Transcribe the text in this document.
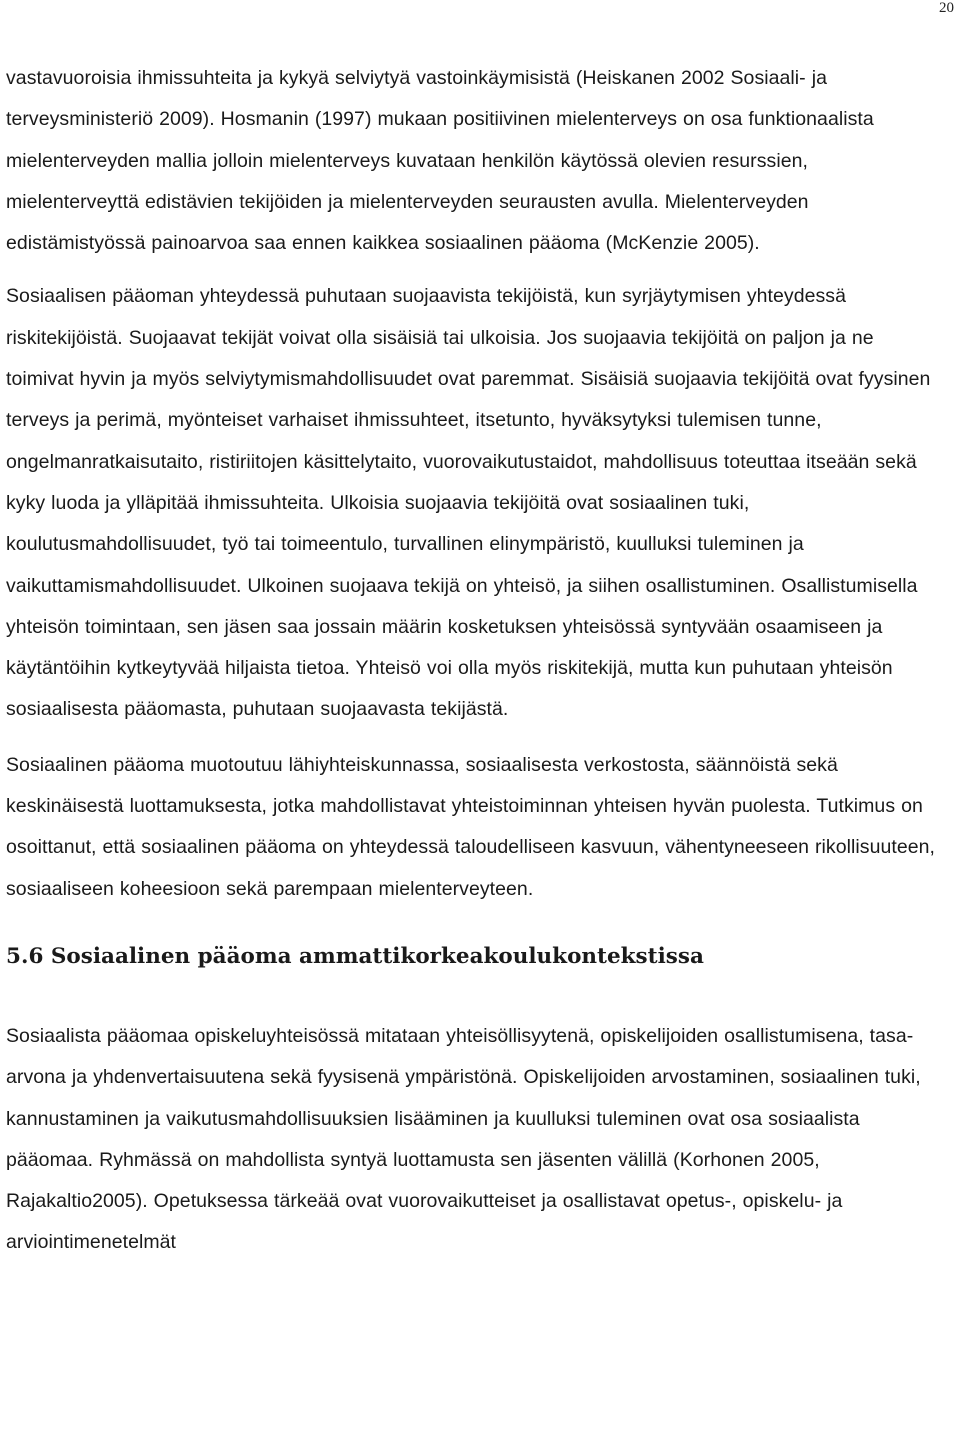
20

vastavuoroisia ihmissuhteita ja kykyä selviytyä vastoinkäymisistä (Heiskanen 2002 Sosiaali- ja terveysministeriö 2009). Hosmanin (1997) mukaan positiivinen mielenterveys on osa funktionaalista mielenterveyden mallia jolloin mielenterveys kuvataan henkilön käytössä olevien resurssien, mielenterveyttä edistävien tekijöiden ja mielenterveyden seurausten avulla. Mielenterveyden edistämistyössä painoarvoa saa ennen kaikkea sosiaalinen pääoma (McKenzie 2005).

Sosiaalisen pääoman yhteydessä puhutaan suojaavista tekijöistä, kun syrjäytymisen yhteydessä riskitekijöistä. Suojaavat tekijät voivat olla sisäisiä tai ulkoisia. Jos suojaavia tekijöitä on paljon ja ne toimivat hyvin ja myös selviytymismahdollisuudet ovat paremmat. Sisäisiä suojaavia tekijöitä ovat fyysinen terveys ja perimä, myönteiset varhaiset ihmissuhteet, itsetunto, hyväksytyksi tulemisen tunne, ongelmanratkaisutaito, ristiriitojen käsittelytaito, vuorovaikutustaidot, mahdollisuus toteuttaa itseään sekä kyky luoda ja ylläpitää ihmissuhteita. Ulkoisia suojaavia tekijöitä ovat sosiaalinen tuki, koulutusmahdollisuudet, työ tai toimeentulo, turvallinen elinympäristö, kuulluksi tuleminen ja vaikuttamismahdollisuudet. Ulkoinen suojaava tekijä on yhteisö, ja siihen osallistuminen. Osallistumisella yhteisön toimintaan, sen jäsen saa jossain määrin kosketuksen yhteisössä syntyvään osaamiseen ja käytäntöihin kytkeytyvää hiljaista tietoa. Yhteisö voi olla myös riskitekijä, mutta kun puhutaan yhteisön sosiaalisesta pääomasta, puhutaan suojaavasta tekijästä.

Sosiaalinen pääoma muotoutuu lähiyhteiskunnassa, sosiaalisesta verkostosta, säännöistä sekä keskinäisestä luottamuksesta, jotka mahdollistavat yhteistoiminnan yhteisen hyvän puolesta. Tutkimus on osoittanut, että sosiaalinen pääoma on yhteydessä taloudelliseen kasvuun, vähentyneeseen rikollisuuteen, sosiaaliseen koheesioon sekä parempaan mielenterveyteen.

5.6 Sosiaalinen pääoma ammattikorkeakoulukontekstissa

Sosiaalista pääomaa opiskeluyhteisössä mitataan yhteisöllisyytenä, opiskelijoiden osallistumisena, tasa-arvona ja yhdenvertaisuutena sekä fyysisenä ympäristönä. Opiskelijoiden arvostaminen, sosiaalinen tuki, kannustaminen ja vaikutusmahdollisuuksien lisääminen ja kuulluksi tuleminen ovat osa sosiaalista pääomaa. Ryhmässä on mahdollista syntyä luottamusta sen jäsenten välillä (Korhonen 2005, Rajakaltio2005). Opetuksessa tärkeää ovat vuorovaikutteiset ja osallistavat opetus-, opiskelu- ja arviointimenetelmät
